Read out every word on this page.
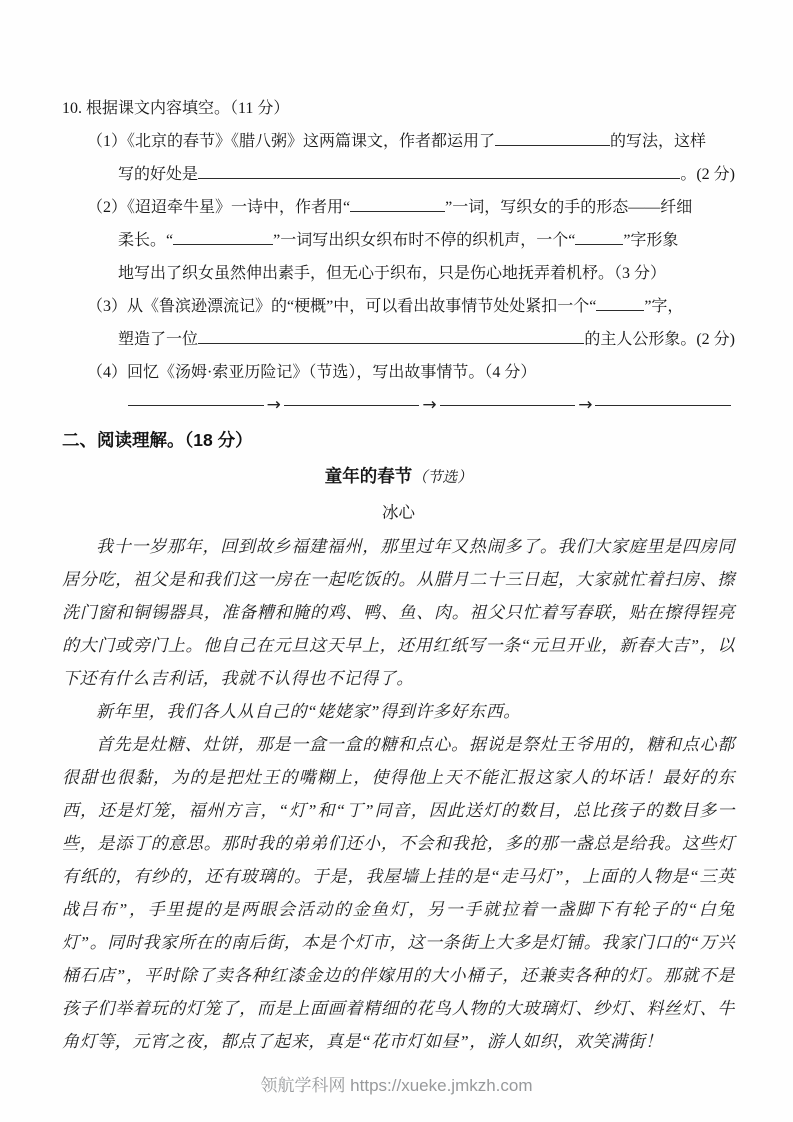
10. 根据课文内容填空。（11 分）
（1）《北京的春节》《腊八粥》这两篇课文，作者都运用了	的写法，这样
写的好处是	。(2 分)
（2）《迢迢牵牛星》一诗中，作者用“	”一词，写织女的手的形态——纤细
柔长。“	”一词写出织女织布时不停的织机声，一个“	”字形象
地写出了织女虽然伸出素手，但无心于织布，只是伤心地抚弄着机杼。（3 分）
（3）从《鲁滨逊漂流记》的“梗概”中，可以看出故事情节处处紧扣一个“	”字，
塑造了一位	的主人公形象。(2 分)
（4）回忆《汤姆·索亚历险记》（节选），写出故事情节。（4 分）
→	→	→
二、阅读理解。（18 分）
童年的春节（节选）
冰心

我十一岁那年，回到故乡福建福州，那里过年又热闹多了。我们大家庭里是四房同居分吃，祖父是和我们这一房在一起吃饭的。从腊月二十三日起，大家就忙着扫房、擦洗门窗和铜锡器具，准备糟和腌的鸡、鸭、鱼、肉。祖父只忙着写春联，贴在擦得锃亮的大门或旁门上。他自己在元旦这天早上，还用红纸写一条“元旦开业，新春大吉”，以下还有什么吉利话，我就不认得也不记得了。

新年里，我们各人从自己的“姥姥家”得到许多好东西。

首先是灶糖、灶饼，那是一盒一盒的糖和点心。据说是祭灶王爷用的，糖和点心都很甜也很黏，为的是把灶王的嘴糊上，使得他上天不能汇报这家人的坏话！最好的东西，还是灯笼，福州方言，“灯”和“丁”同音，因此送灯的数目，总比孩子的数目多一些，是添丁的意思。那时我的弟弟们还小，不会和我抢，多的那一盏总是给我。这些灯有纸的，有纱的，还有玻璃的。于是，我屋墙上挂的是“走马灯”，上面的人物是“三英战吕布”，手里提的是两眼会活动的金鱼灯，另一手就拉着一盏脚下有轮子的“白兔灯”。同时我家所在的南后街，本是个灯市，这一条街上大多是灯铺。我家门口的“万兴桶石店”，平时除了卖各种红漆金边的伴嫁用的大小桶子，还兼卖各种的灯。那就不是孩子们举着玩的灯笼了，而是上面画着精细的花鸟人物的大玻璃灯、纱灯、料丝灯、牛角灯等，元宵之夜，都点了起来，真是“花市灯如昼”，游人如织，欢笑满街！

领航学科网 https://xueke.jmkzh.com
